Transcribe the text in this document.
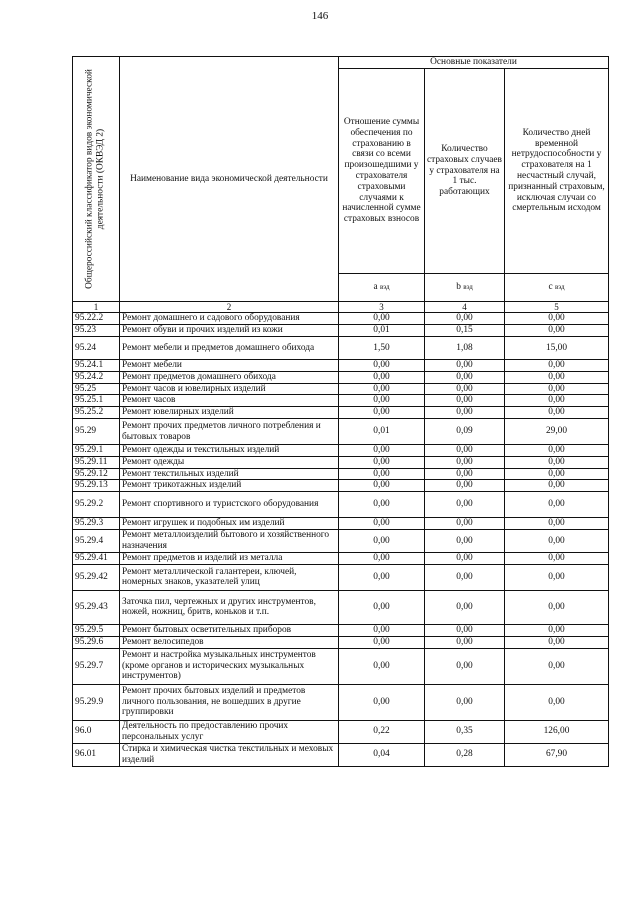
146
Общероссийский классификатор видов экономической деятельности (ОКВЭД 2)	Наименование вида экономической деятельности	Основные показатели		
		Отношение суммы обеспечения по страхованию в связи со всеми произошедшими у страхователя страховыми случаями к начисленной сумме страховых взносов	Количество страховых случаев у страхователя на 1 тыс. работающих	Количество дней временной нетрудоспособности у страхователя на 1 несчастный случай, признанный страховым, исключая случаи со смертельным исходом
		a вэд	b вэд	c вэд
1	2	3	4	5
95.22.2	Ремонт домашнего и садового оборудования	0,00	0,00	0,00
95.23	Ремонт обуви и прочих изделий из кожи	0,01	0,15	0,00
95.24	Ремонт мебели и предметов домашнего обихода	1,50	1,08	15,00
95.24.1	Ремонт мебели	0,00	0,00	0,00
95.24.2	Ремонт предметов домашнего обихода	0,00	0,00	0,00
95.25	Ремонт часов и ювелирных изделий	0,00	0,00	0,00
95.25.1	Ремонт часов	0,00	0,00	0,00
95.25.2	Ремонт ювелирных изделий	0,00	0,00	0,00
95.29	Ремонт прочих предметов личного потребления и бытовых товаров	0,01	0,09	29,00
95.29.1	Ремонт одежды и текстильных изделий	0,00	0,00	0,00
95.29.11	Ремонт одежды	0,00	0,00	0,00
95.29.12	Ремонт текстильных изделий	0,00	0,00	0,00
95.29.13	Ремонт трикотажных изделий	0,00	0,00	0,00
95.29.2	Ремонт спортивного и туристского оборудования	0,00	0,00	0,00
95.29.3	Ремонт игрушек и подобных им изделий	0,00	0,00	0,00
95.29.4	Ремонт металлоизделий бытового и хозяйственного назначения	0,00	0,00	0,00
95.29.41	Ремонт предметов и изделий из металла	0,00	0,00	0,00
95.29.42	Ремонт металлической галантереи, ключей, номерных знаков, указателей улиц	0,00	0,00	0,00
95.29.43	Заточка пил, чертежных и других инструментов, ножей, ножниц, бритв, коньков и т.п.	0,00	0,00	0,00
95.29.5	Ремонт бытовых осветительных приборов	0,00	0,00	0,00
95.29.6	Ремонт велосипедов	0,00	0,00	0,00
95.29.7	Ремонт и настройка музыкальных инструментов (кроме органов и исторических музыкальных инструментов)	0,00	0,00	0,00
95.29.9	Ремонт прочих бытовых изделий и предметов личного пользования, не вошедших в другие группировки	0,00	0,00	0,00
96.0	Деятельность по предоставлению прочих персональных услуг	0,22	0,35	126,00
96.01	Стирка и химическая чистка текстильных и меховых изделий	0,04	0,28	67,90
